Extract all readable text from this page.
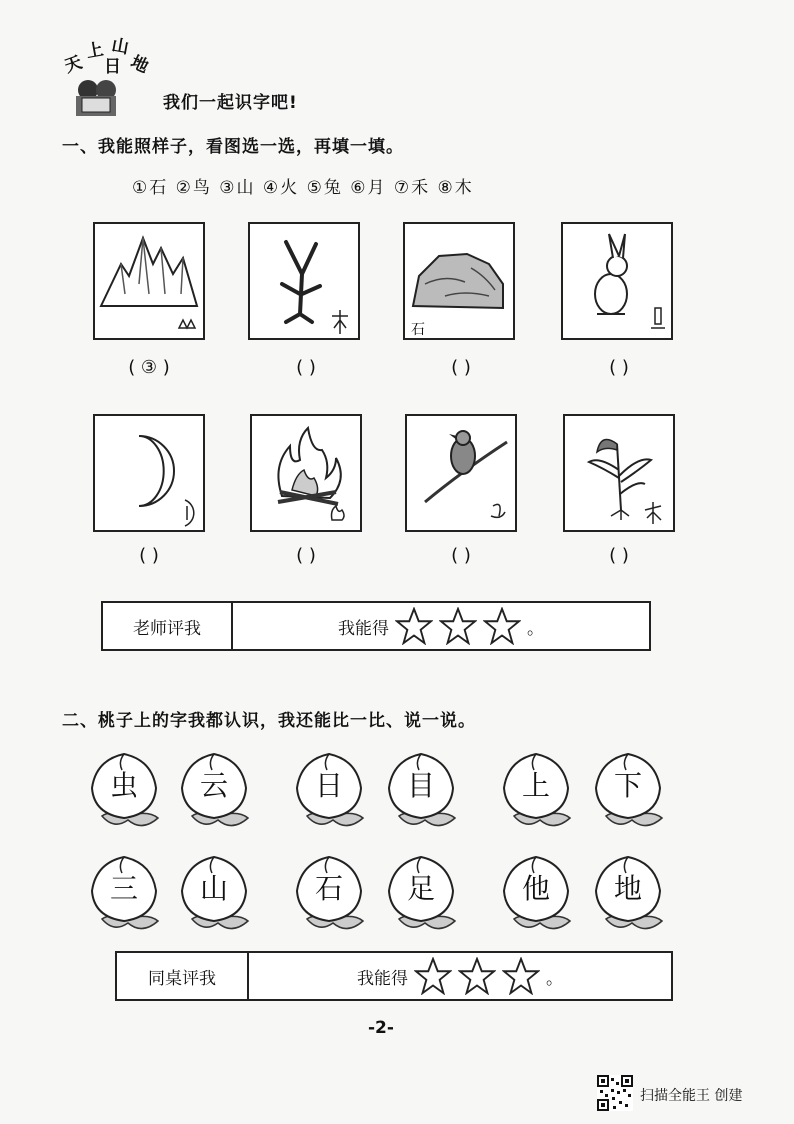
天
上
日
山
地
我们一起识字吧!
一、我能照样子，看图选一选，再填一填。
①石 ②鸟 ③山 ④火 ⑤兔 ⑥月 ⑦禾 ⑧木
石
( ③ )	( )	( )	( )
( )	( )	( )	( )
老师评我	我能得	。
二、桃子上的字我都认识，我还能比一比、说一说。
虫	云	日	目	上	下
三	山	石	足	他	地
同桌评我	我能得	。
-2-
扫描全能王 创建
